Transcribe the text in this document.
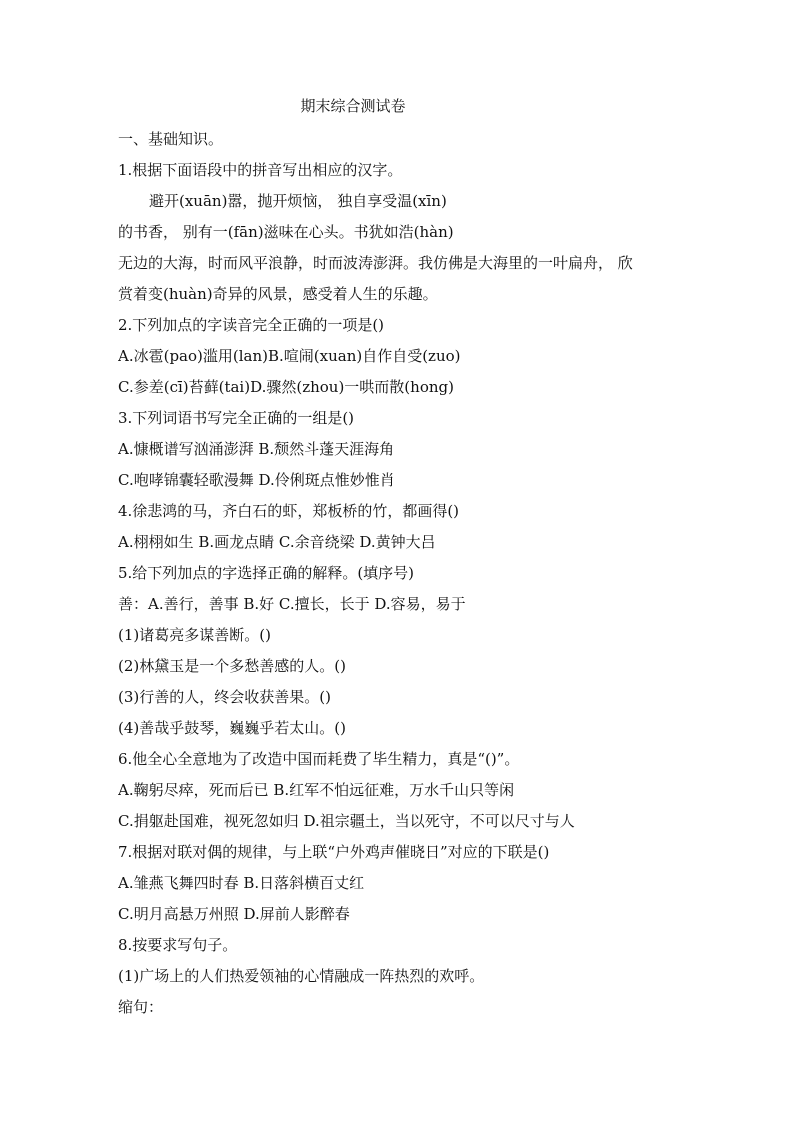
期末综合测试卷
一、基础知识。
1.根据下面语段中的拼音写出相应的汉字。
避开(xuān)嚣，抛开烦恼， 独自享受温(xīn)
的书香， 别有一(fān)滋味在心头。书犹如浩(hàn)
无边的大海，时而风平浪静，时而波涛澎湃。我仿佛是大海里的一叶扁舟， 欣
赏着变(huàn)奇异的风景，感受着人生的乐趣。
2.下列加点的字读音完全正确的一项是()
A.冰雹(pao)滥用(lan)B.喧闹(xuan)自作自受(zuo)
C.参差(cī)苔藓(tai)D.骤然(zhou)一哄而散(hong)
3.下列词语书写完全正确的一组是()
A.慷概谱写汹涌澎湃 B.颓然斗蓬天涯海角
C.咆哮锦囊轻歌漫舞 D.伶俐斑点惟妙惟肖
4.徐悲鸿的马，齐白石的虾，郑板桥的竹，都画得()
A.栩栩如生 B.画龙点睛 C.余音绕梁 D.黄钟大吕
5.给下列加点的字选择正确的解释。(填序号)
善：A.善行，善事 B.好 C.擅长，长于 D.容易，易于
(1)诸葛亮多谋善断。()
(2)林黛玉是一个多愁善感的人。()
(3)行善的人，终会收获善果。()
(4)善哉乎鼓琴，巍巍乎若太山。()
6.他全心全意地为了改造中国而耗费了毕生精力，真是“()”。
A.鞠躬尽瘁，死而后已 B.红军不怕远征难，万水千山只等闲
C.捐躯赴国难，视死忽如归 D.祖宗疆土，当以死守，不可以尺寸与人
7.根据对联对偶的规律，与上联“户外鸡声催晓日”对应的下联是()
A.雏燕飞舞四时春 B.日落斜横百丈红
C.明月高悬万州照 D.屏前人影醉春
8.按要求写句子。
(1)广场上的人们热爱领袖的心情融成一阵热烈的欢呼。
缩句：
